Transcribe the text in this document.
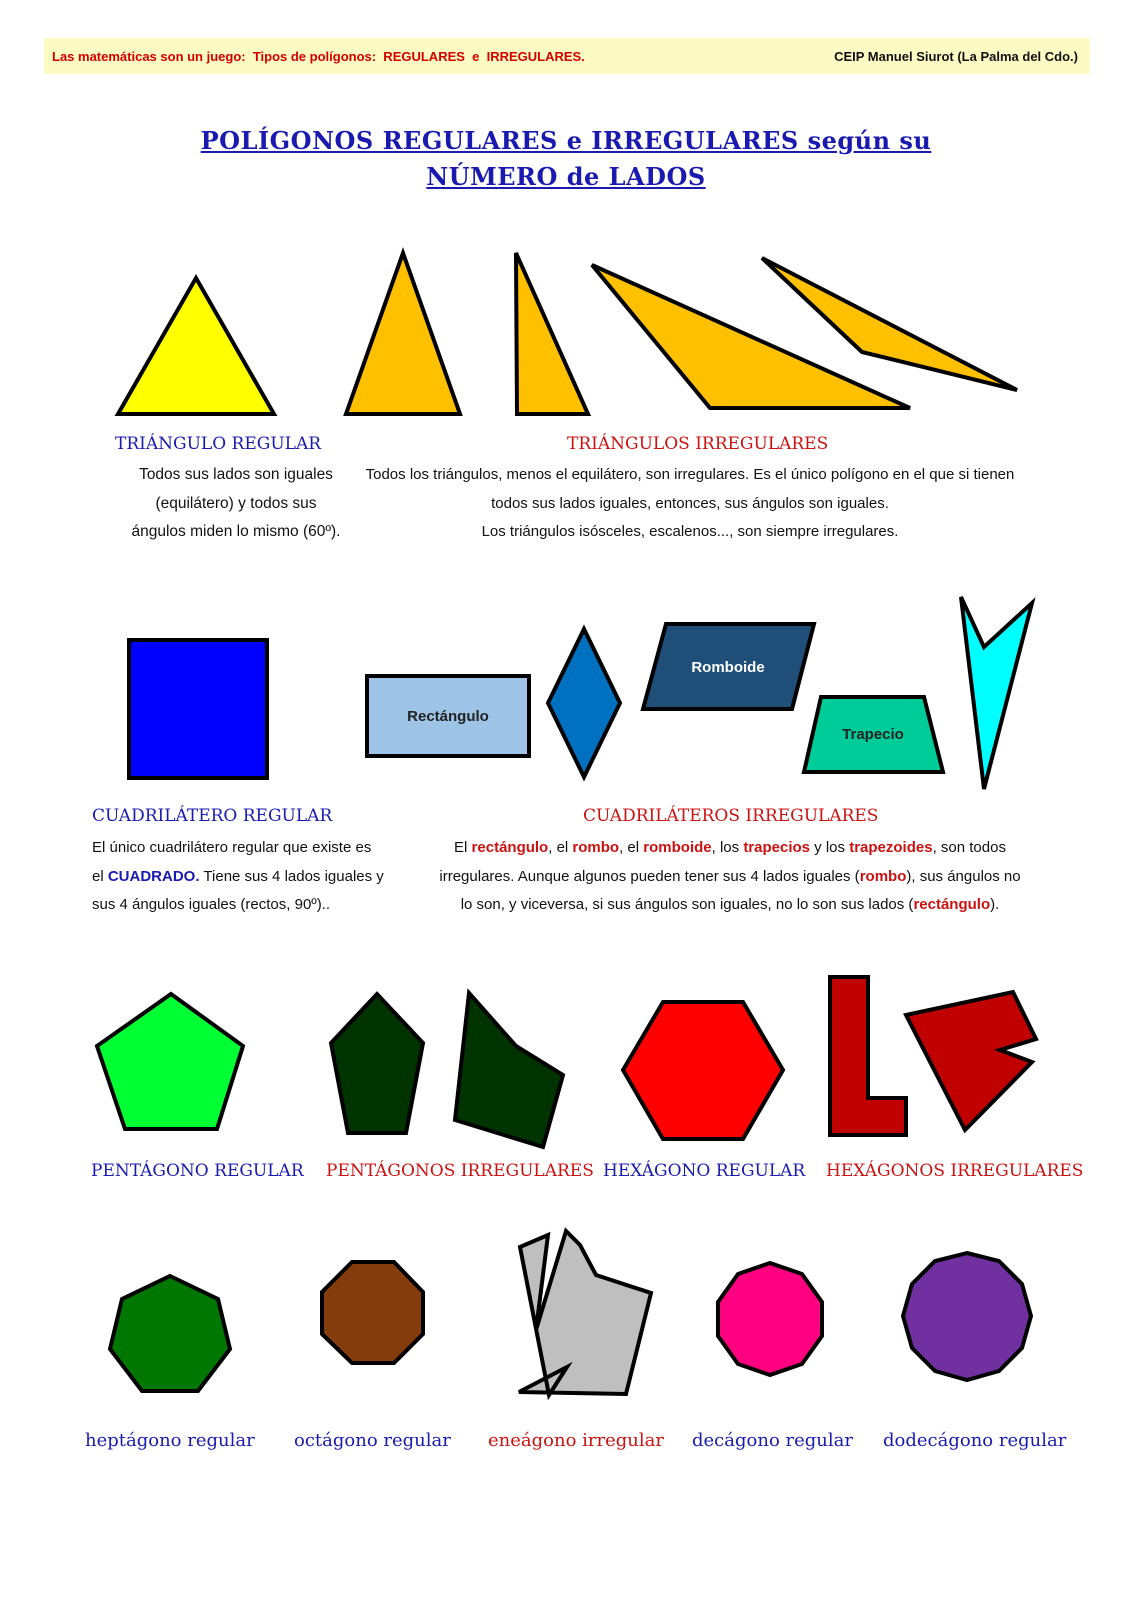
Las matemáticas son un juego:  Tipos de polígonos:  REGULARES  e  IRREGULARES.	CEIP Manuel Siurot (La Palma del Cdo.)
POLÍGONOS REGULARES e IRREGULARES según su
NÚMERO de LADOS
Rectángulo
Romboide
Trapecio
TRIÁNGULO REGULAR
Todos sus lados son iguales
(equilátero) y todos sus
ángulos miden lo mismo (60º).
TRIÁNGULOS IRREGULARES
Todos los triángulos, menos el equilátero, son irregulares. Es el único polígono en el que si tienen
todos sus lados iguales, entonces, sus ángulos son iguales.
Los triángulos isósceles, escalenos..., son siempre irregulares.
CUADRILÁTERO REGULAR
El único cuadrilátero regular que existe es
el CUADRADO. Tiene sus 4 lados iguales y
sus 4 ángulos iguales (rectos, 90º)..
CUADRILÁTEROS IRREGULARES
El rectángulo, el rombo, el romboide, los trapecios y los trapezoides, son todos
irregulares. Aunque algunos pueden tener sus 4 lados iguales (rombo), sus ángulos no
lo son, y viceversa, si sus ángulos son iguales, no lo son sus lados (rectángulo).
PENTÁGONO REGULAR PENTÁGONOS IRREGULARES HEXÁGONO REGULAR HEXÁGONOS IRREGULARES
heptágono regular octágono regular eneágono irregular decágono regular dodecágono regular
